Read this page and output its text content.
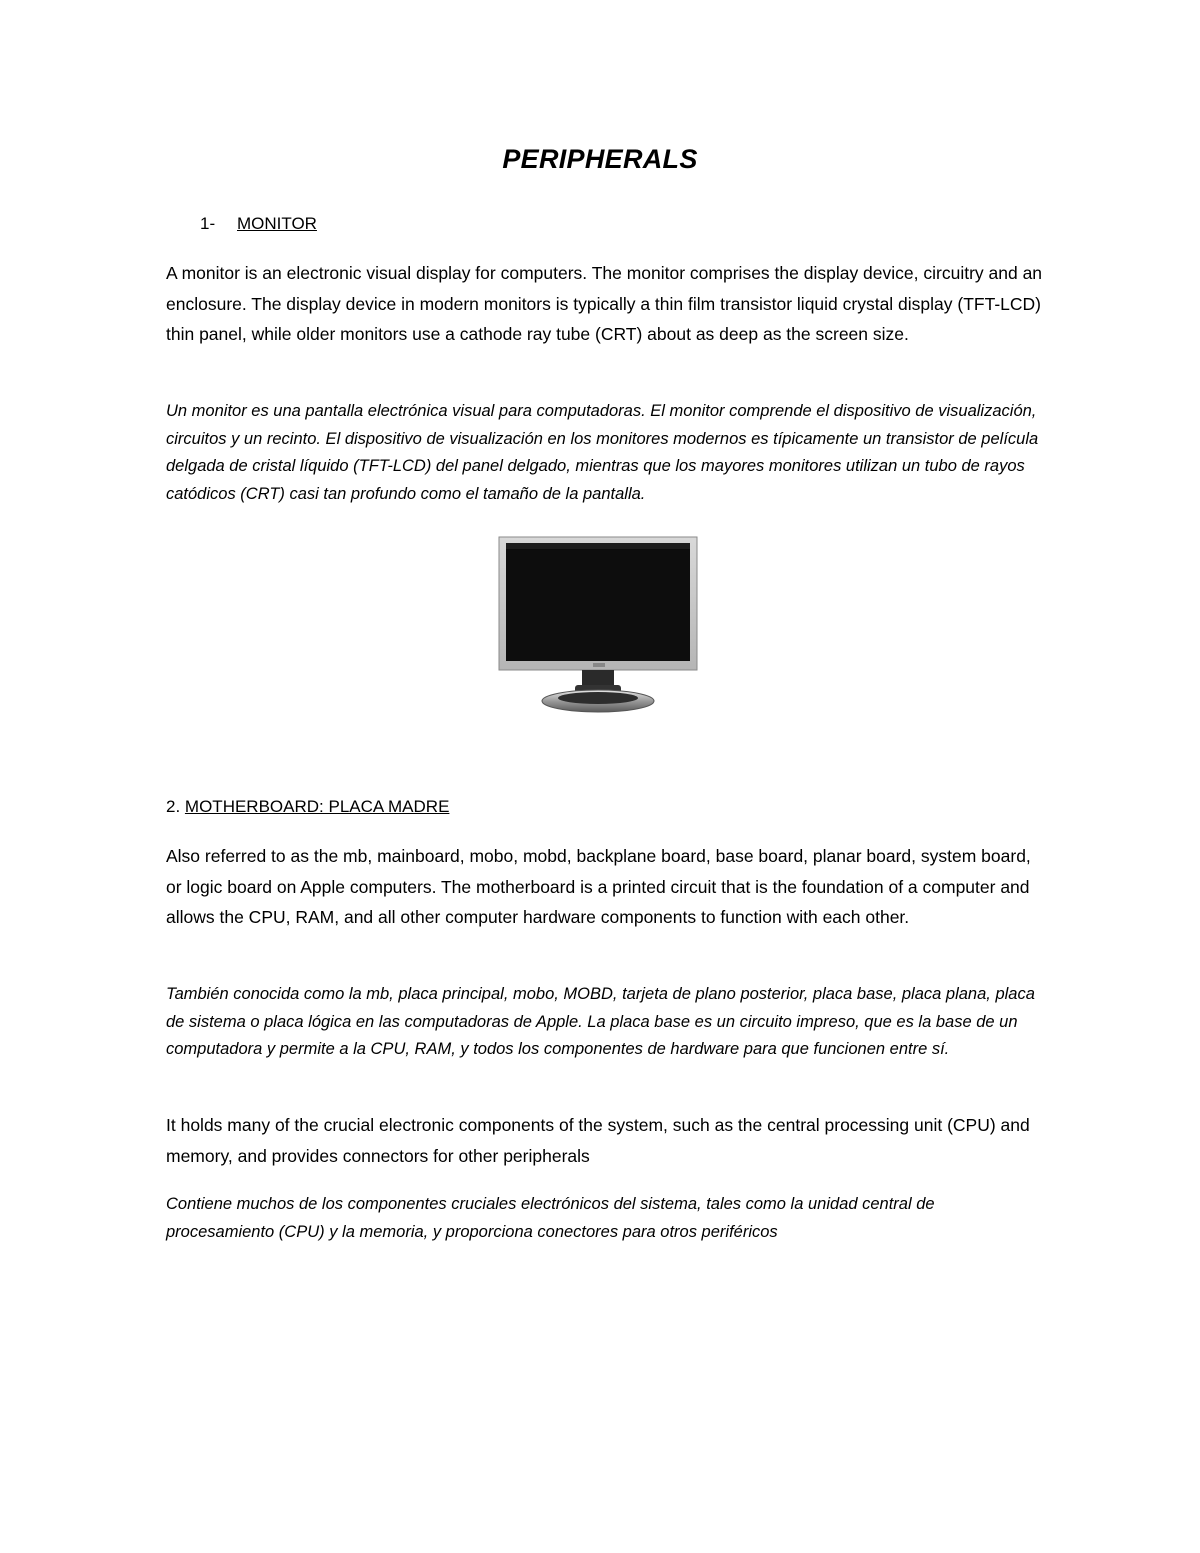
PERIPHERALS
1- MONITOR

A monitor is an electronic visual display for computers. The monitor comprises the display device, circuitry and an enclosure. The display device in modern monitors is typically a thin film transistor liquid crystal display (TFT-LCD) thin panel, while older monitors use a cathode ray tube (CRT) about as deep as the screen size.

Un monitor es una pantalla electrónica visual para computadoras. El monitor comprende el dispositivo de visualización, circuitos y un recinto. El dispositivo de visualización en los monitores modernos es típicamente un transistor de película delgada de cristal líquido (TFT-LCD) del panel delgado, mientras que los mayores monitores utilizan un tubo de rayos catódicos (CRT) casi tan profundo como el tamaño de la pantalla.

2. MOTHERBOARD: PLACA MADRE

Also referred to as the mb, mainboard, mobo, mobd, backplane board, base board, planar board, system board, or logic board on Apple computers. The motherboard is a printed circuit that is the foundation of a computer and allows the CPU, RAM, and all other computer hardware components to function with each other.

También conocida como la mb, placa principal, mobo, MOBD, tarjeta de plano posterior, placa base, placa plana, placa de sistema o placa lógica en las computadoras de Apple. La placa base es un circuito impreso, que es la base de un computadora y permite a la CPU, RAM, y todos los componentes de hardware para que funcionen entre sí.

It holds many of the crucial electronic components of the system, such as the central processing unit (CPU) and memory, and provides connectors for other peripherals

Contiene muchos de los componentes cruciales electrónicos del sistema, tales como la unidad central de procesamiento (CPU) y la memoria, y proporciona conectores para otros periféricos
